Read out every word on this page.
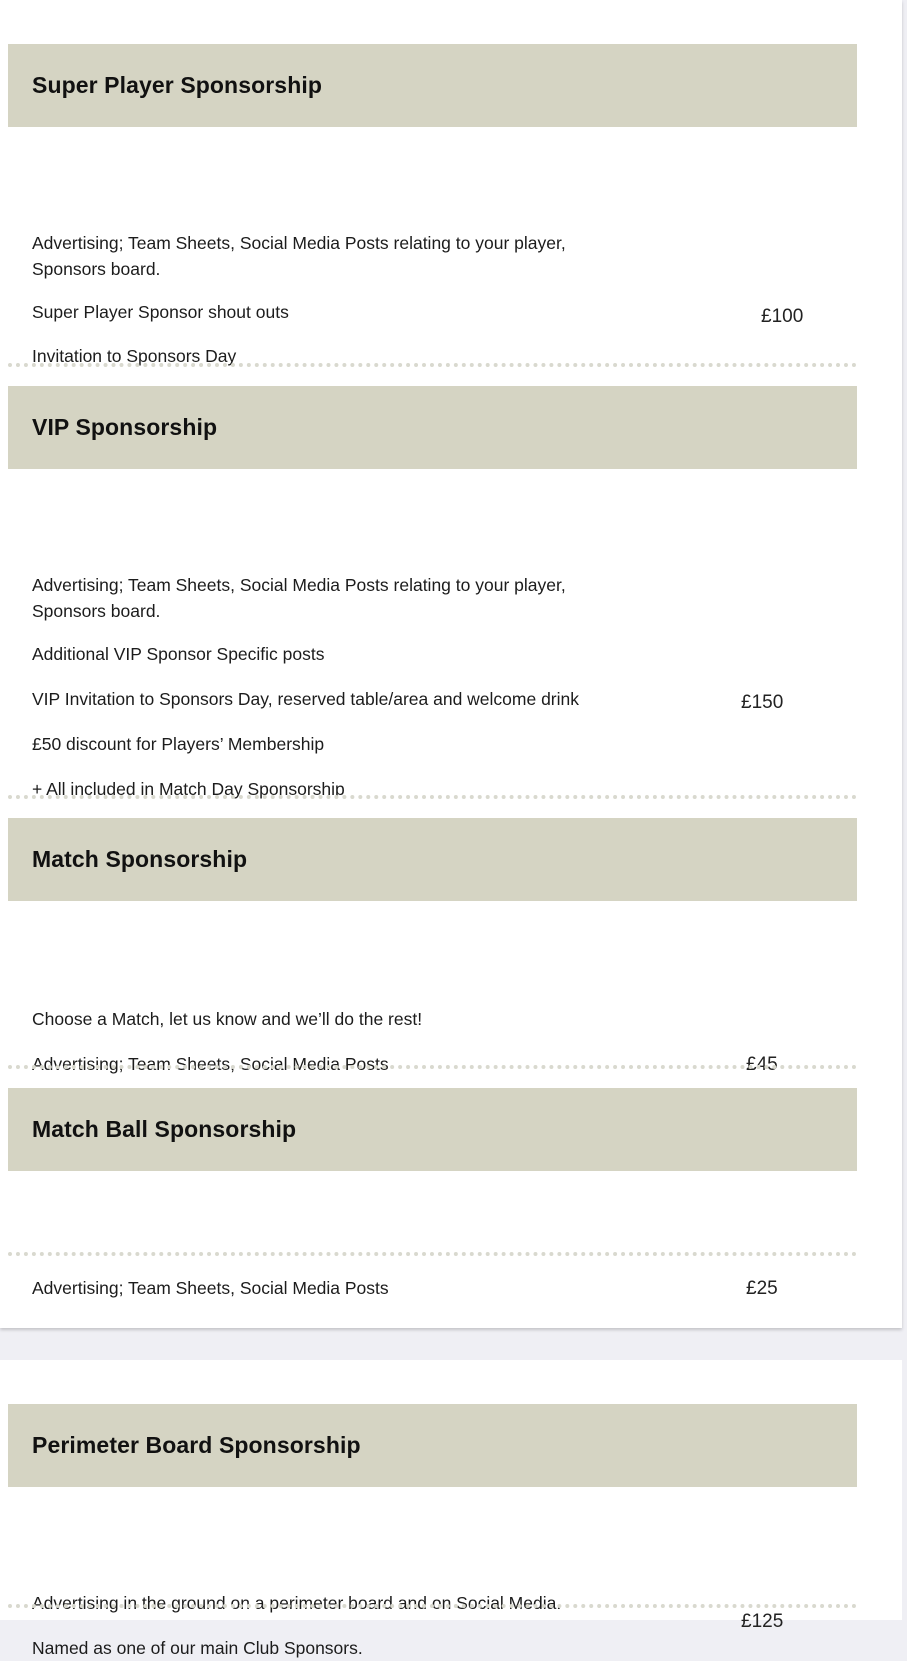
Super Player Sponsorship
Advertising; Team Sheets, Social Media Posts relating to your player, Sponsors board.
Super Player Sponsor shout outs
Invitation to Sponsors Day
£100
VIP Sponsorship
Advertising; Team Sheets, Social Media Posts relating to your player, Sponsors board.
Additional VIP Sponsor Specific posts
VIP Invitation to Sponsors Day, reserved table/area and welcome drink
£50 discount for Players’ Membership
+ All included in Match Day Sponsorship
£150
Match Sponsorship
Choose a Match, let us know and we’ll do the rest!
Advertising; Team Sheets, Social Media Posts	£45
Match Ball Sponsorship
Advertising; Team Sheets, Social Media Posts	£25
Perimeter Board Sponsorship
Advertising in the ground on a perimeter board and on Social Media.
Named as one of our main Club Sponsors.
£125
